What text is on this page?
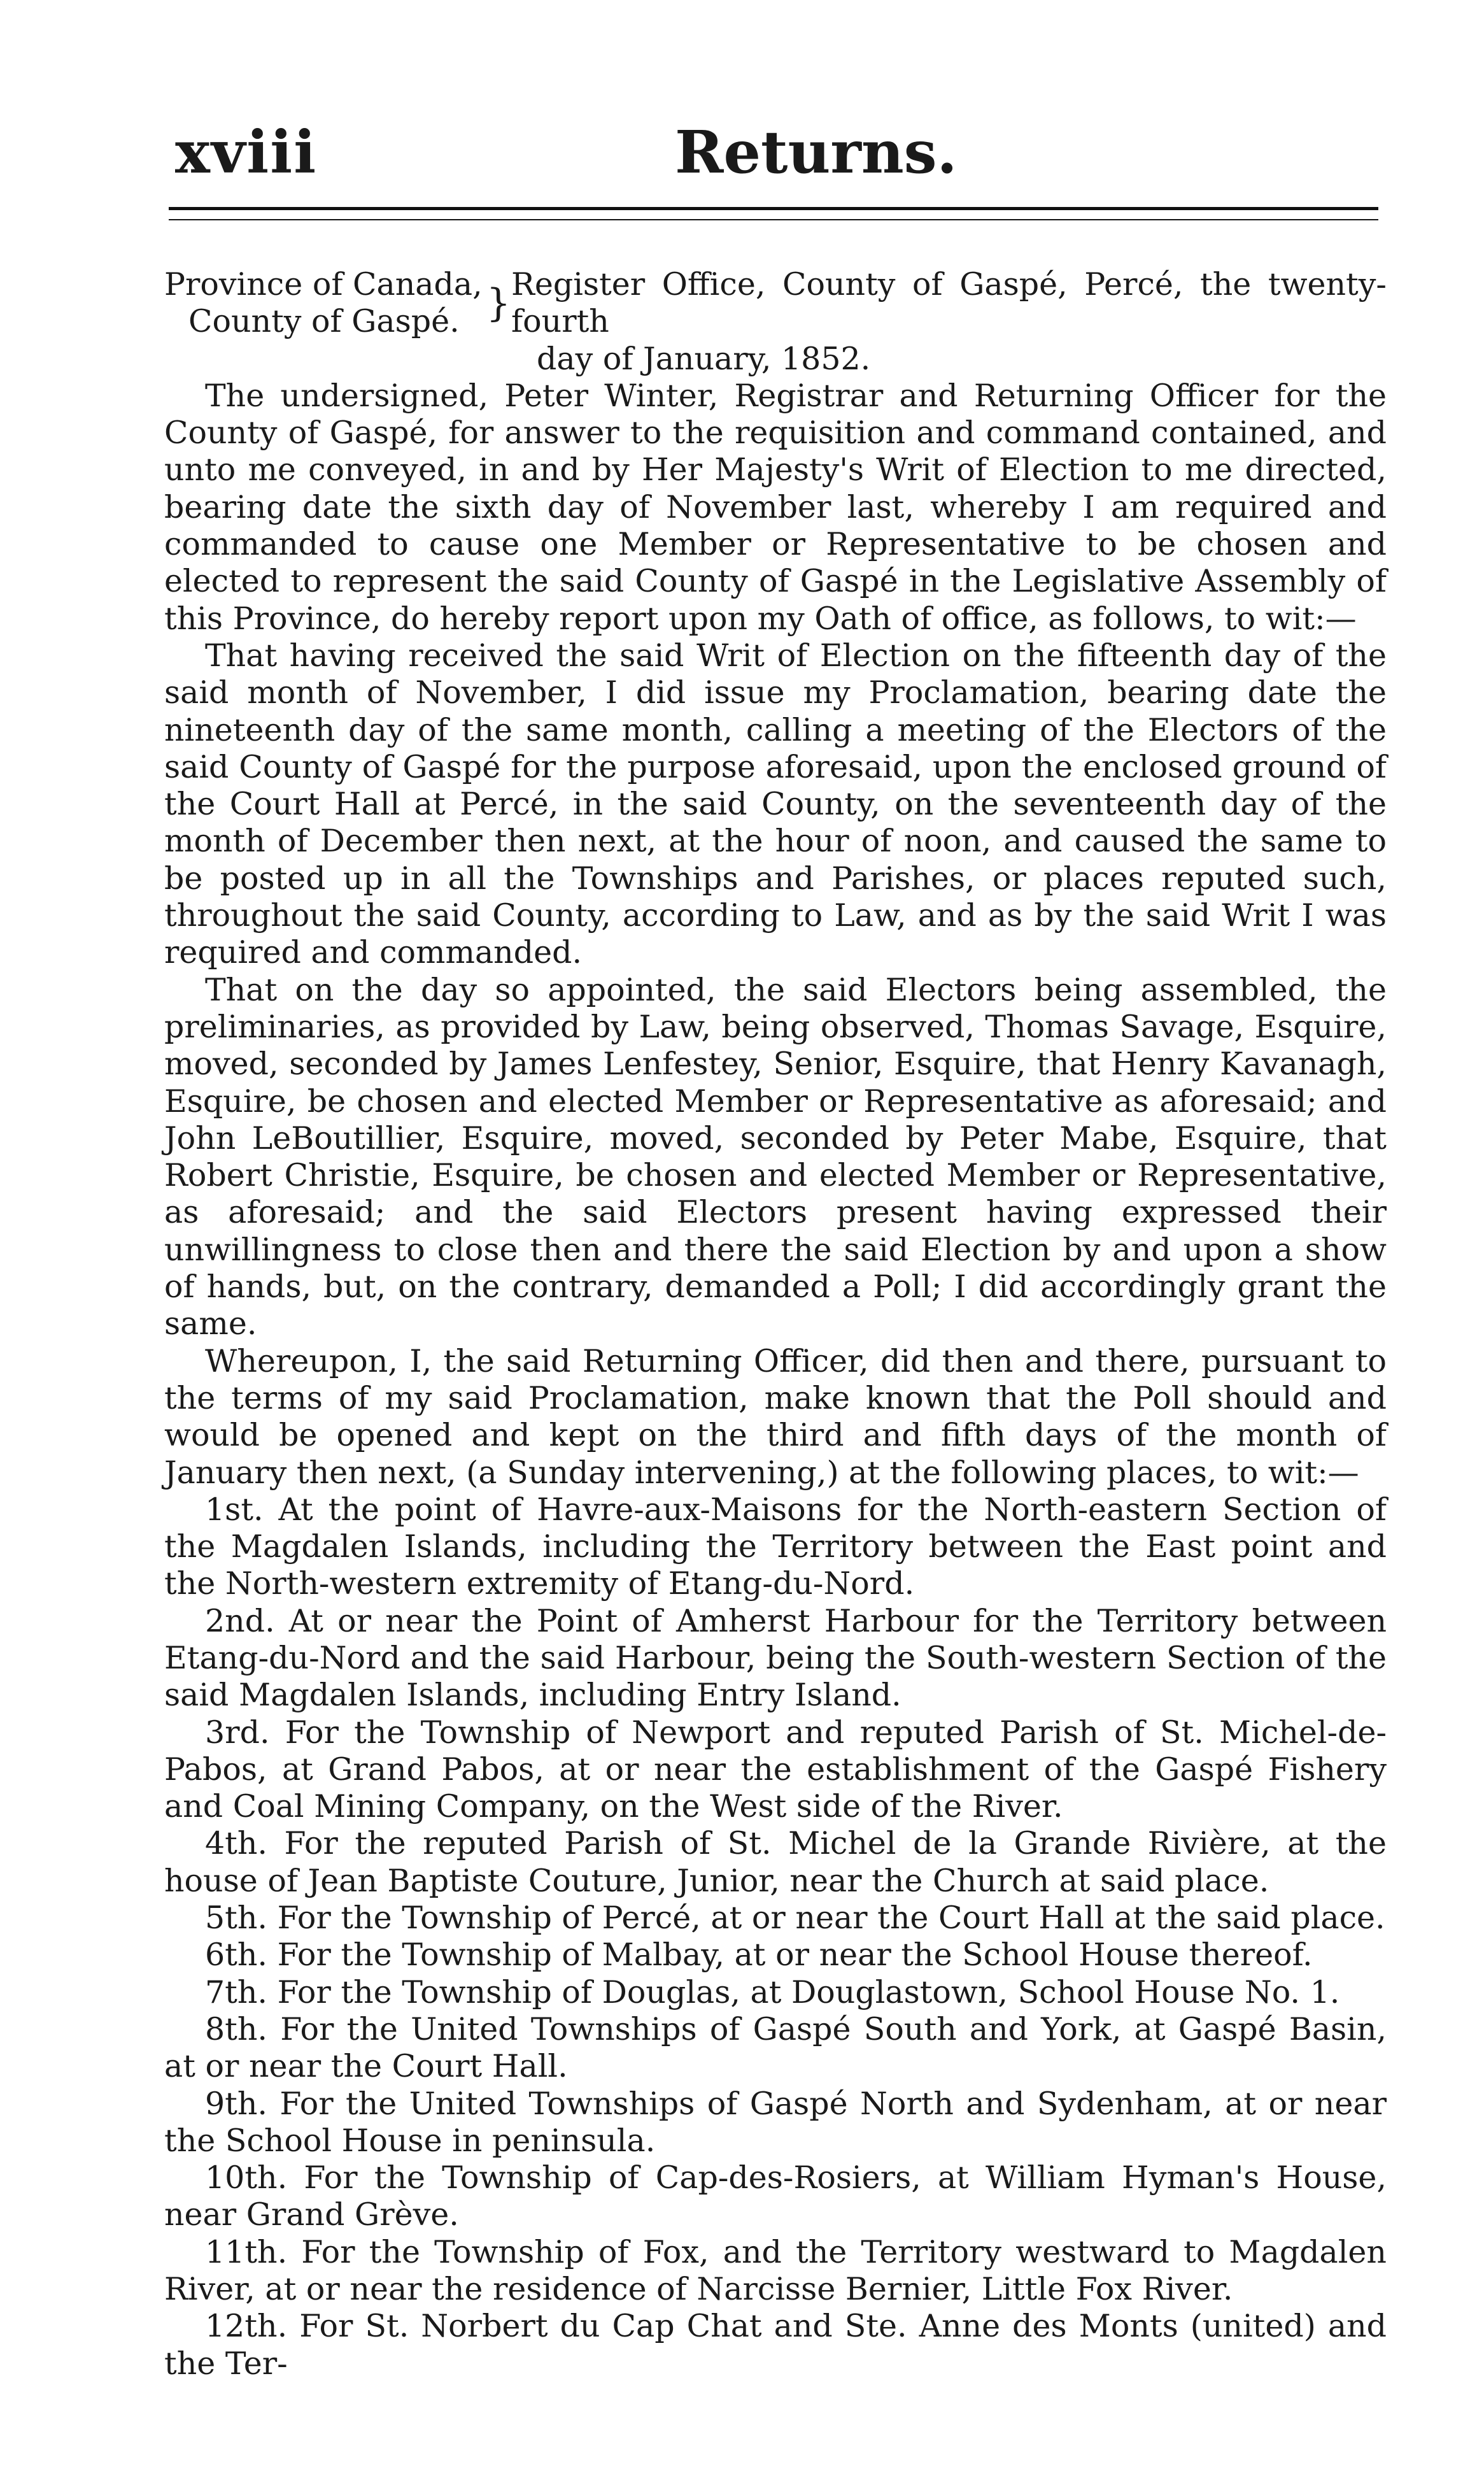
xviii	Returns.
Province of Canada,
County of Gaspé. } Register Office, County of Gaspé, Percé, the twenty-fourth
day of January, 1852.

The undersigned, Peter Winter, Registrar and Returning Officer for the County of Gaspé, for answer to the requisition and command contained, and unto me conveyed, in and by Her Majesty's Writ of Election to me directed, bearing date the sixth day of November last, whereby I am required and commanded to cause one Member or Representative to be chosen and elected to represent the said County of Gaspé in the Legislative Assembly of this Province, do hereby report upon my Oath of office, as follows, to wit:—

That having received the said Writ of Election on the fifteenth day of the said month of November, I did issue my Proclamation, bearing date the nineteenth day of the same month, calling a meeting of the Electors of the said County of Gaspé for the purpose aforesaid, upon the enclosed ground of the Court Hall at Percé, in the said County, on the seventeenth day of the month of December then next, at the hour of noon, and caused the same to be posted up in all the Townships and Parishes, or places reputed such, throughout the said County, according to Law, and as by the said Writ I was required and commanded.

That on the day so appointed, the said Electors being assembled, the preliminaries, as provided by Law, being observed, Thomas Savage, Esquire, moved, seconded by James Lenfestey, Senior, Esquire, that Henry Kavanagh, Esquire, be chosen and elected Member or Representative as aforesaid; and John LeBoutillier, Esquire, moved, seconded by Peter Mabe, Esquire, that Robert Christie, Esquire, be chosen and elected Member or Representative, as aforesaid; and the said Electors present having expressed their unwillingness to close then and there the said Election by and upon a show of hands, but, on the contrary, demanded a Poll; I did accordingly grant the same.

Whereupon, I, the said Returning Officer, did then and there, pursuant to the terms of my said Proclamation, make known that the Poll should and would be opened and kept on the third and fifth days of the month of January then next, (a Sunday intervening,) at the following places, to wit:—

1st. At the point of Havre-aux-Maisons for the North-eastern Section of the Magdalen Islands, including the Territory between the East point and the North-western extremity of Etang-du-Nord.

2nd. At or near the Point of Amherst Harbour for the Territory between Etang-du-Nord and the said Harbour, being the South-western Section of the said Magdalen Islands, including Entry Island.

3rd. For the Township of Newport and reputed Parish of St. Michel-de-Pabos, at Grand Pabos, at or near the establishment of the Gaspé Fishery and Coal Mining Company, on the West side of the River.

4th. For the reputed Parish of St. Michel de la Grande Rivière, at the house of Jean Baptiste Couture, Junior, near the Church at said place.

5th. For the Township of Percé, at or near the Court Hall at the said place.

6th. For the Township of Malbay, at or near the School House thereof.

7th. For the Township of Douglas, at Douglastown, School House No. 1.

8th. For the United Townships of Gaspé South and York, at Gaspé Basin, at or near the Court Hall.

9th. For the United Townships of Gaspé North and Sydenham, at or near the School House in peninsula.

10th. For the Township of Cap-des-Rosiers, at William Hyman's House, near Grand Grève.

11th. For the Township of Fox, and the Territory westward to Magdalen River, at or near the residence of Narcisse Bernier, Little Fox River.

12th. For St. Norbert du Cap Chat and Ste. Anne des Monts (united) and the Ter-
